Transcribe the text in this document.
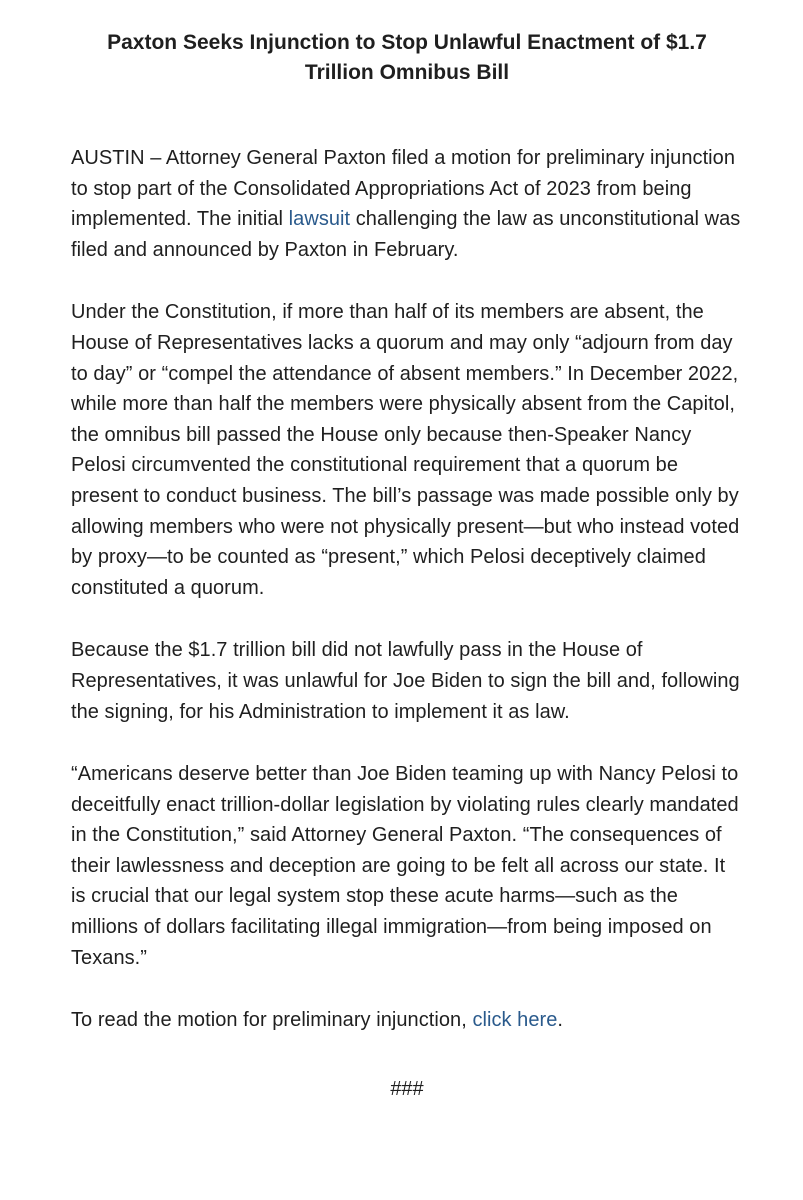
Paxton Seeks Injunction to Stop Unlawful Enactment of $1.7 Trillion Omnibus Bill

AUSTIN – Attorney General Paxton filed a motion for preliminary injunction to stop part of the Consolidated Appropriations Act of 2023 from being implemented. The initial lawsuit challenging the law as unconstitutional was filed and announced by Paxton in February.

Under the Constitution, if more than half of its members are absent, the House of Representatives lacks a quorum and may only “adjourn from day to day” or “compel the attendance of absent members.” In December 2022, while more than half the members were physically absent from the Capitol, the omnibus bill passed the House only because then-Speaker Nancy Pelosi circumvented the constitutional requirement that a quorum be present to conduct business. The bill’s passage was made possible only by allowing members who were not physically present—but who instead voted by proxy—to be counted as “present,” which Pelosi deceptively claimed constituted a quorum.

Because the $1.7 trillion bill did not lawfully pass in the House of Representatives, it was unlawful for Joe Biden to sign the bill and, following the signing, for his Administration to implement it as law.

“Americans deserve better than Joe Biden teaming up with Nancy Pelosi to deceitfully enact trillion-dollar legislation by violating rules clearly mandated in the Constitution,” said Attorney General Paxton. “The consequences of their lawlessness and deception are going to be felt all across our state. It is crucial that our legal system stop these acute harms—such as the millions of dollars facilitating illegal immigration—from being imposed on Texans.”

To read the motion for preliminary injunction, click here.

###
